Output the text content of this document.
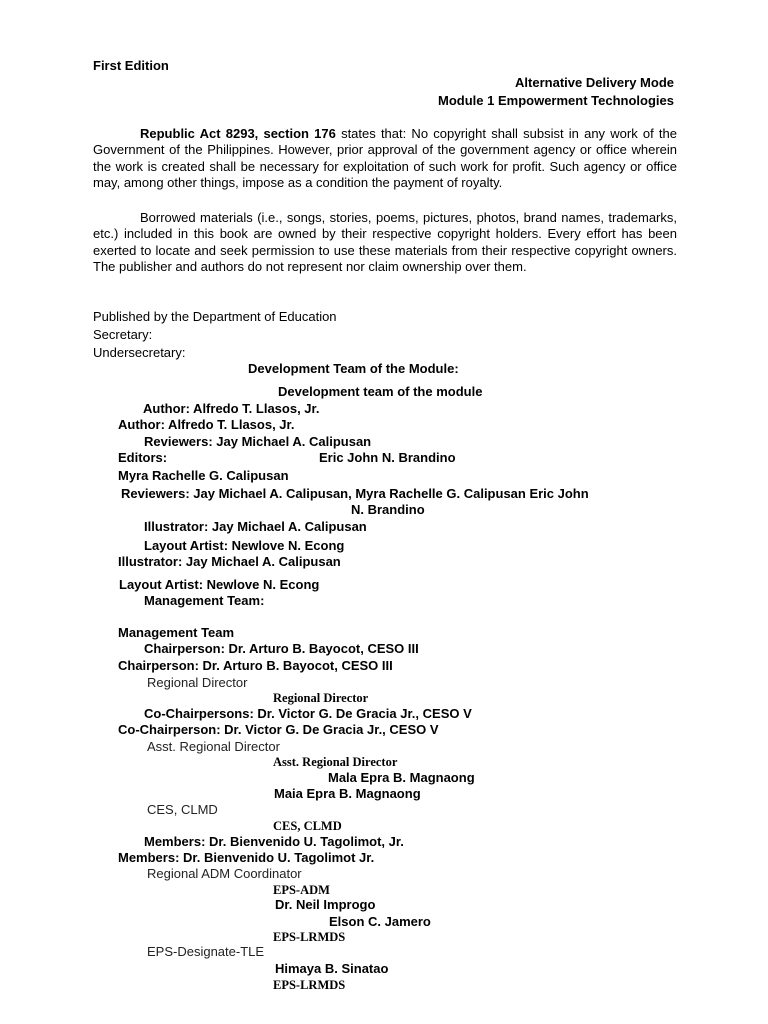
First Edition
Alternative Delivery Mode
Module 1 Empowerment Technologies
Republic Act 8293, section 176 states that: No copyright shall subsist in any work of the Government of the Philippines. However, prior approval of the government agency or office wherein the work is created shall be necessary for exploitation of such work for profit. Such agency or office may, among other things, impose as a condition the payment of royalty.
Borrowed materials (i.e., songs, stories, poems, pictures, photos, brand names, trademarks, etc.) included in this book are owned by their respective copyright holders. Every effort has been exerted to locate and seek permission to use these materials from their respective copyright owners. The publisher and authors do not represent nor claim ownership over them.
Published by the Department of Education
Secretary:
Undersecretary:
Development Team of the Module:
Development team of the module
Author: Alfredo T. Llasos, Jr.
Author: Alfredo T. Llasos, Jr.
Reviewers: Jay Michael A. Calipusan
Editors:	Eric John N. Brandino
Myra Rachelle G. Calipusan
Reviewers: Jay Michael A. Calipusan, Myra Rachelle G. Calipusan Eric John
N. Brandino
Illustrator: Jay Michael A. Calipusan
Layout Artist: Newlove N. Econg
Illustrator: Jay Michael A. Calipusan
Layout Artist: Newlove N. Econg
Management Team:
Management Team
Chairperson: Dr. Arturo B. Bayocot, CESO III
Chairperson: Dr. Arturo B. Bayocot, CESO III
Regional Director
Regional Director
Co-Chairpersons: Dr. Victor G. De Gracia Jr., CESO V
Co-Chairperson: Dr. Victor G. De Gracia Jr., CESO V
Asst. Regional Director
Asst. Regional Director
Mala Epra B. Magnaong
Maia Epra B. Magnaong
CES, CLMD
CES, CLMD
Members: Dr. Bienvenido U. Tagolimot, Jr.
Members: Dr. Bienvenido U. Tagolimot Jr.
Regional ADM Coordinator
EPS-ADM
Dr. Neil Improgo
Elson C. Jamero
EPS-LRMDS
EPS-Designate-TLE
Himaya B. Sinatao
EPS-LRMDS
